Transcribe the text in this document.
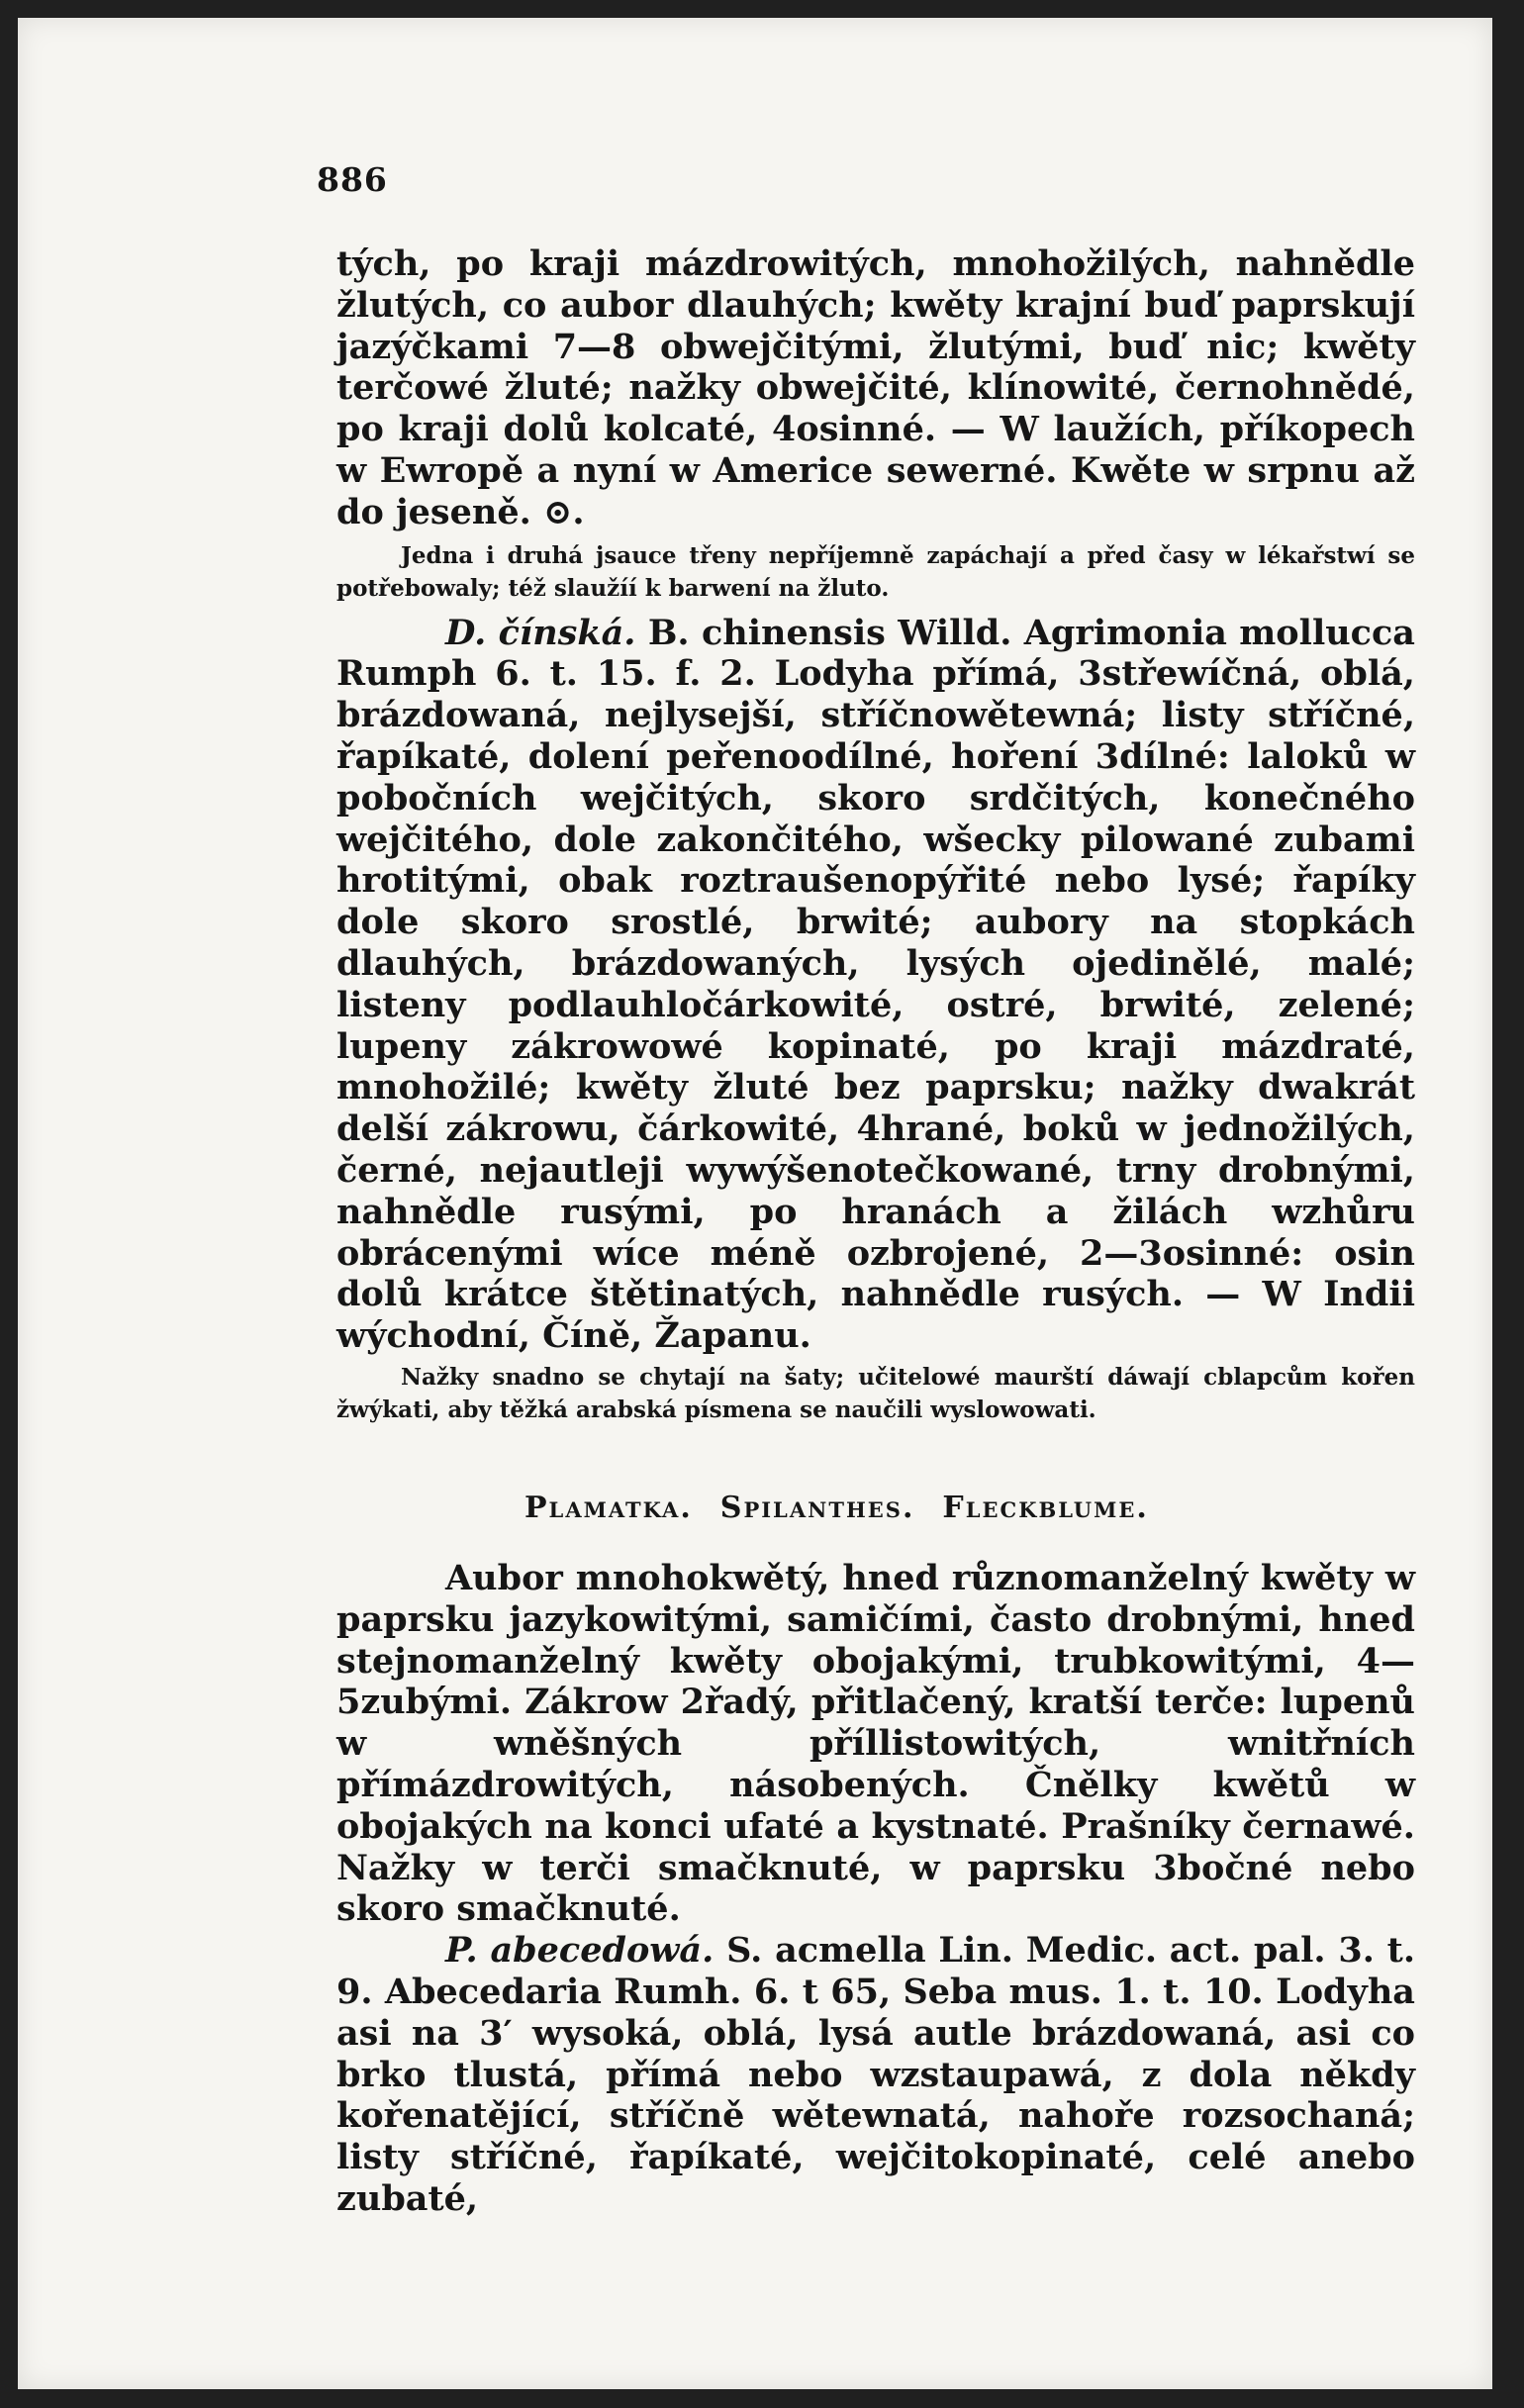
886

tých, po kraji mázdrowitých, mnohožilých, nahnědle žlutých, co aubor dlauhých; kwěty krajní buď paprskují jazýčkami 7—8 obwejčitými, žlutými, buď nic; kwěty terčowé žluté; nažky obwejčité, klínowité, černohnědé, po kraji dolů kolcaté, 4osinné. — W laužích, příkopech w Ewropě a nyní w Americe sewerné. Kwěte w srpnu až do jeseně. ⊙.

Jedna i druhá jsauce třeny nepříjemně zapáchají a před časy w lékařstwí se potřebowaly; též slaužíí k barwení na žluto.

D. čínská. B. chinensis Willd. Agrimonia mollucca Rumph 6. t. 15. f. 2. Lodyha přímá, 3střewíčná, oblá, brázdowaná, nejlysejší, stříčnowětewná; listy stříčné, řapíkaté, dolení peřenoodílné, hoření 3dílné: laloků w pobočních wejčitých, skoro srdčitých, konečného wejčitého, dole zakončitého, wšecky pilowané zubami hrotitými, obak roztraušenopýřité nebo lysé; řapíky dole skoro srostlé, brwité; aubory na stopkách dlauhých, brázdowaných, lysých ojedinělé, malé; listeny podlauhločárkowité, ostré, brwité, zelené; lupeny zákrowowé kopinaté, po kraji mázdraté, mnohožilé; kwěty žluté bez paprsku; nažky dwakrát delší zákrowu, čárkowité, 4hrané, boků w jednožilých, černé, nejautleji wywýšenotečkowané, trny drobnými, nahnědle rusými, po hranách a žilách wzhůru obrácenými wíce méně ozbrojené, 2—3osinné: osin dolů krátce štětinatých, nahnědle rusých. — W Indii wýchodní, Číně, Žapanu.

Nažky snadno se chytají na šaty; učitelowé maurští dáwají cblapcům kořen žwýkati, aby těžká arabská písmena se naučili wyslowowati.

Plamatka. Spilanthes. Fleckblume.

Aubor mnohokwětý, hned různomanželný kwěty w paprsku jazykowitými, samičími, často drobnými, hned stejnomanželný kwěty obojakými, trubkowitými, 4—5zubými. Zákrow 2řadý, přitlačený, kratší terče: lupenů w wněšných příllistowitých, wnitřních přímázdrowitých, násobených. Čnělky kwětů w obojakých na konci ufaté a kystnaté. Prašníky černawé. Nažky w terči smačknuté, w paprsku 3bočné nebo skoro smačknuté.

P. abecedowá. S. acmella Lin. Medic. act. pal. 3. t. 9. Abecedaria Rumh. 6. t 65, Seba mus. 1. t. 10. Lodyha asi na 3′ wysoká, oblá, lysá autle brázdowaná, asi co brko tlustá, přímá nebo wzstaupawá, z dola někdy kořenatějící, stříčně wětewnatá, nahoře rozsochaná; listy stříčné, řapíkaté, wejčitokopinaté, celé anebo zubaté,
